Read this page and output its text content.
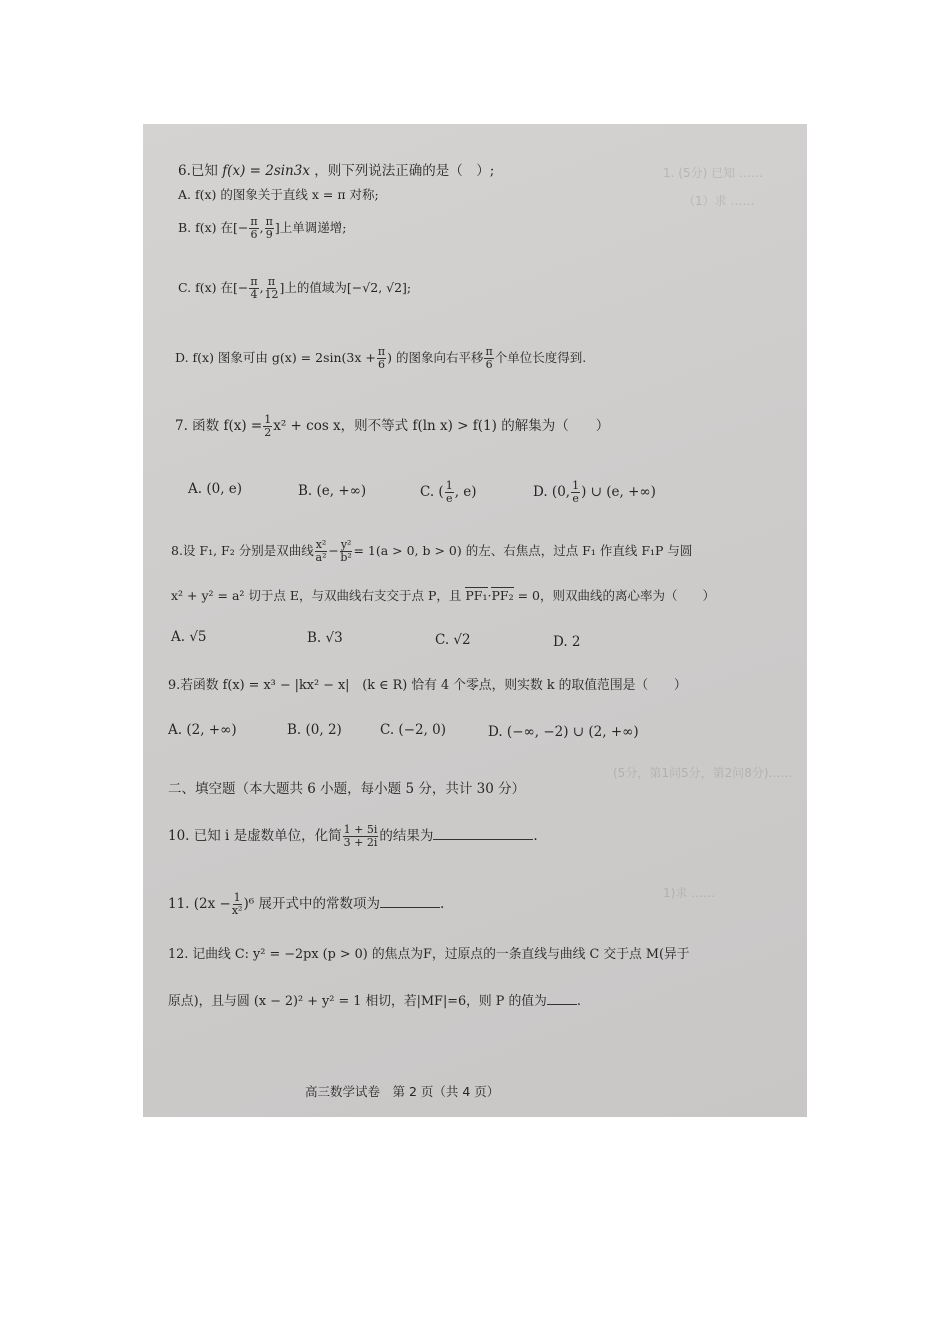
1. (5分) 已知 ……
（1）求 ……
(5分，第1问5分，第2问8分)……
1)求 ……
6.已知 f(x) = 2sin3x ，则下列说法正确的是（　）;
A. f(x) 的图象关于直线 x = π 对称;
B. f(x) 在[− $\frac{\pi}{6}$ , $\frac{\pi}{9}$ ]上单调递增;
C. f(x) 在[− $\frac{\pi}{4}$ , $\frac{\pi}{12}$ ]上的值域为[−√2, √2];
D. f(x) 图象可由 $g(x) = 2\sin(3x + \frac{\pi}{6}$ ) 的图象向右平移 $\frac{\pi}{6}$ 个单位长度得到.
7. 函数 $f(x) = \frac{1}{2} x^2 + \cos x$，则不等式 f(ln x) > f(1) 的解集为（　　）
A. (0, e)	B. (e, +∞)	C. ( $\frac{1}{e}$ , e)	D. (0, $\frac{1}{e}$ ) ∪ (e, +∞)
8.设 F₁, F₂ 分别是双曲线 $\frac{\text{x²}}{\text{a²}} - \frac{\text{y²}}{\text{b²}} = 1(a > 0$, b > 0) 的左、右焦点，过点 F₁ 作直线 F₁P 与圆
x² + y² = a² 切于点 E，与双曲线右支交于点 P，且 PF₁·PF₂ = 0，则双曲线的离心率为（　　）
A. √5	B. √3	C. √2	D. 2
9.若函数 f(x) = x³ − |kx² − x|　(k ∈ R) 恰有 4 个零点，则实数 k 的取值范围是（　　）
A. (2, +∞)	B. (0, 2)	C. (−2, 0)	D. (−∞, −2) ∪ (2, +∞)
二、填空题（本大题共 6 小题，每小题 5 分，共计 30 分）
10. 已知 i 是虚数单位，化简 $\frac{1 + 5i}{3 + 2i}$ 的结果为	.
11. $(2x - \frac{1}{\text{x²}} )^6$ 展开式中的常数项为	.
12. 记曲线 C: y² = −2px (p > 0) 的焦点为F，过原点的一条直线与曲线 C 交于点 M(异于
原点)，且与圆 (x − 2)² + y² = 1 相切，若|MF|=6，则 P 的值为 .
高三数学试卷　第 2 页（共 4 页）
